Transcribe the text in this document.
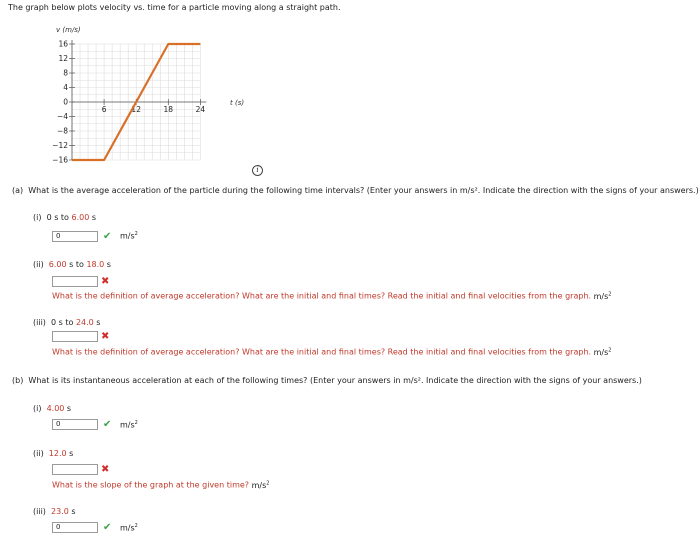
The graph below plots velocity vs. time for a particle moving along a straight path.
16
12
8
4
0
−4
−8
−12
−16
6	12	18	24
v (m/s)
t (s)
i
(a) What is the average acceleration of the particle during the following time intervals? (Enter your answers in m/s². Indicate the direction with the signs of your answers.)
(i) 0 s to 6.00 s
0
✔ $m/s^2$
(ii) 6.00 s to 18.0 s
✖
What is the definition of average acceleration? What are the initial and final times? Read the initial and final velocities from the graph. $m/s^2$
(iii) 0 s to 24.0 s
✖
What is the definition of average acceleration? What are the initial and final times? Read the initial and final velocities from the graph. $m/s^2$
(b) What is its instantaneous acceleration at each of the following times? (Enter your answers in m/s². Indicate the direction with the signs of your answers.)
(i) 4.00 s
0
✔ $m/s^2$
(ii) 12.0 s
✖
What is the slope of the graph at the given time? $m/s^2$
(iii) 23.0 s
0
✔ $m/s^2$
